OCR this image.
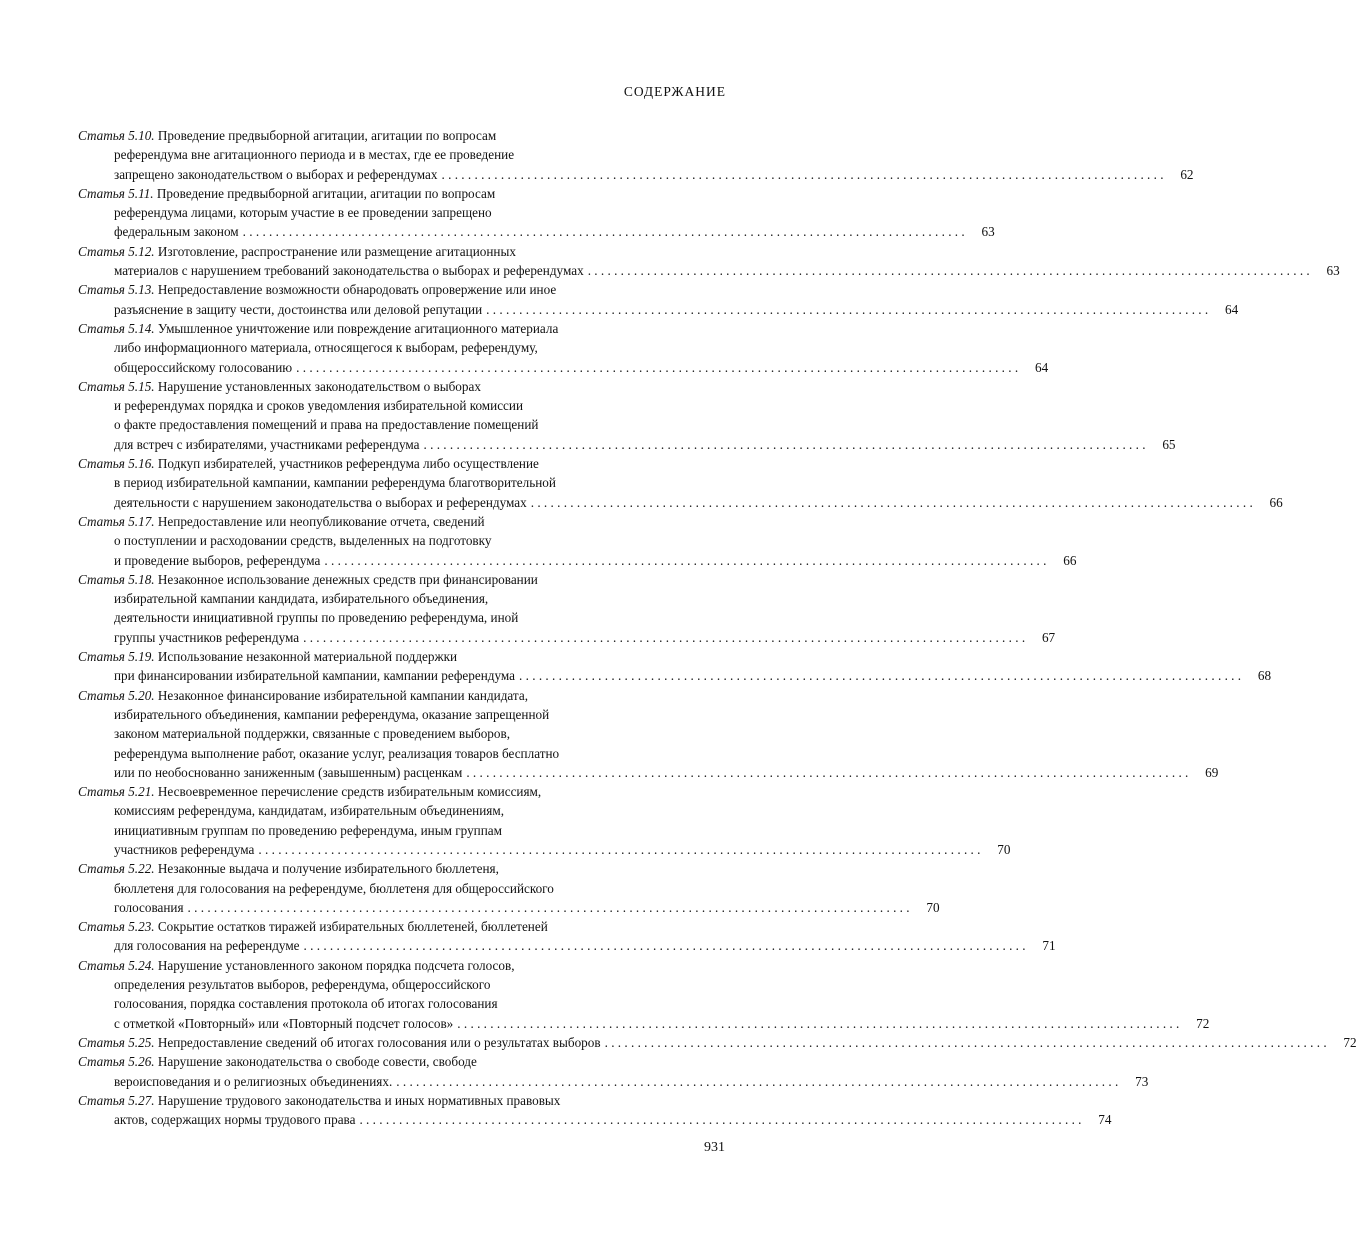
СОДЕРЖАНИЕ
Статья 5.10. Проведение предвыборной агитации, агитации по вопросам
референдума вне агитационного периода и в местах, где ее проведение
запрещено законодательством о выборах и референдумах . . .	62
Статья 5.11. Проведение предвыборной агитации, агитации по вопросам
референдума лицами, которым участие в ее проведении запрещено
федеральным законом . . .	63
Статья 5.12. Изготовление, распространение или размещение агитационных
материалов с нарушением требований законодательства о выборах и референдумах . . .	63
Статья 5.13. Непредоставление возможности обнародовать опровержение или иное
разъяснение в защиту чести, достоинства или деловой репутации . . .	64
Статья 5.14. Умышленное уничтожение или повреждение агитационного материала
либо информационного материала, относящегося к выборам, референдуму,
общероссийскому голосованию . . .	64
Статья 5.15. Нарушение установленных законодательством о выборах
и референдумах порядка и сроков уведомления избирательной комиссии
о факте предоставления помещений и права на предоставление помещений
для встреч с избирателями, участниками референдума . . .	65
Статья 5.16. Подкуп избирателей, участников референдума либо осуществление
в период избирательной кампании, кампании референдума благотворительной
деятельности с нарушением законодательства о выборах и референдумах . . .	66
Статья 5.17. Непредоставление или неопубликование отчета, сведений
о поступлении и расходовании средств, выделенных на подготовку
и проведение выборов, референдума . . .	66
Статья 5.18. Незаконное использование денежных средств при финансировании
избирательной кампании кандидата, избирательного объединения,
деятельности инициативной группы по проведению референдума, иной
группы участников референдума . . .	67
Статья 5.19. Использование незаконной материальной поддержки
при финансировании избирательной кампании, кампании референдума . . .	68
Статья 5.20. Незаконное финансирование избирательной кампании кандидата,
избирательного объединения, кампании референдума, оказание запрещенной
законом материальной поддержки, связанные с проведением выборов,
референдума выполнение работ, оказание услуг, реализация товаров бесплатно
или по необоснованно заниженным (завышенным) расценкам . . .	69
Статья 5.21. Несвоевременное перечисление средств избирательным комиссиям,
комиссиям референдума, кандидатам, избирательным объединениям,
инициативным группам по проведению референдума, иным группам
участников референдума . . .	70
Статья 5.22. Незаконные выдача и получение избирательного бюллетеня,
бюллетеня для голосования на референдуме, бюллетеня для общероссийского
голосования . . .	70
Статья 5.23. Сокрытие остатков тиражей избирательных бюллетеней, бюллетеней
для голосования на референдуме . . .	71
Статья 5.24. Нарушение установленного законом порядка подсчета голосов,
определения результатов выборов, референдума, общероссийского
голосования, порядка составления протокола об итогах голосования
с отметкой «Повторный» или «Повторный подсчет голосов» . . .	72
Статья 5.25. Непредоставление сведений об итогах голосования или о результатах выборов . . .	72
Статья 5.26. Нарушение законодательства о свободе совести, свободе
вероисповедания и о религиозных объединениях. . . .	73
Статья 5.27. Нарушение трудового законодательства и иных нормативных правовых
актов, содержащих нормы трудового права . . .	74
931
